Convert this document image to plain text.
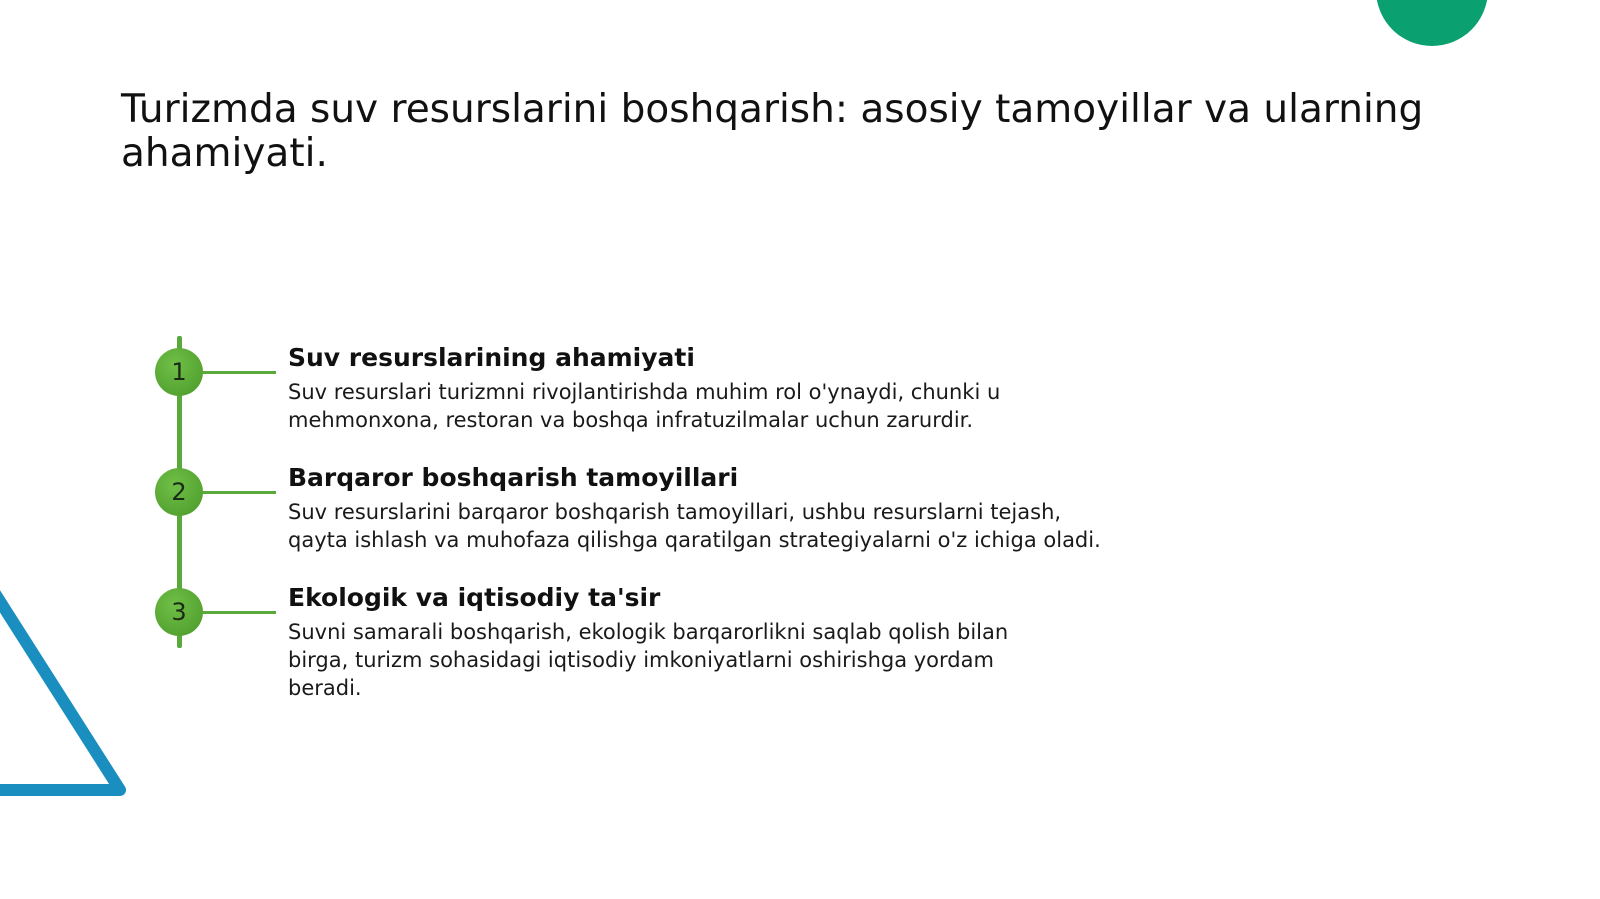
Turizmda suv resurslarini boshqarish: asosiy tamoyillar va ularning ahamiyati.
1	Suv resurslarining ahamiyati

Suv resurslari turizmni rivojlantirishda muhim rol o'ynaydi, chunki u mehmonxona, restoran va boshqa infratuzilmalar uchun zarurdir.

2	Barqaror boshqarish tamoyillari

Suv resurslarini barqaror boshqarish tamoyillari, ushbu resurslarni tejash, qayta ishlash va muhofaza qilishga qaratilgan strategiyalarni o'z ichiga oladi.

3	Ekologik va iqtisodiy ta'sir

Suvni samarali boshqarish, ekologik barqarorlikni saqlab qolish bilan birga, turizm sohasidagi iqtisodiy imkoniyatlarni oshirishga yordam beradi.
